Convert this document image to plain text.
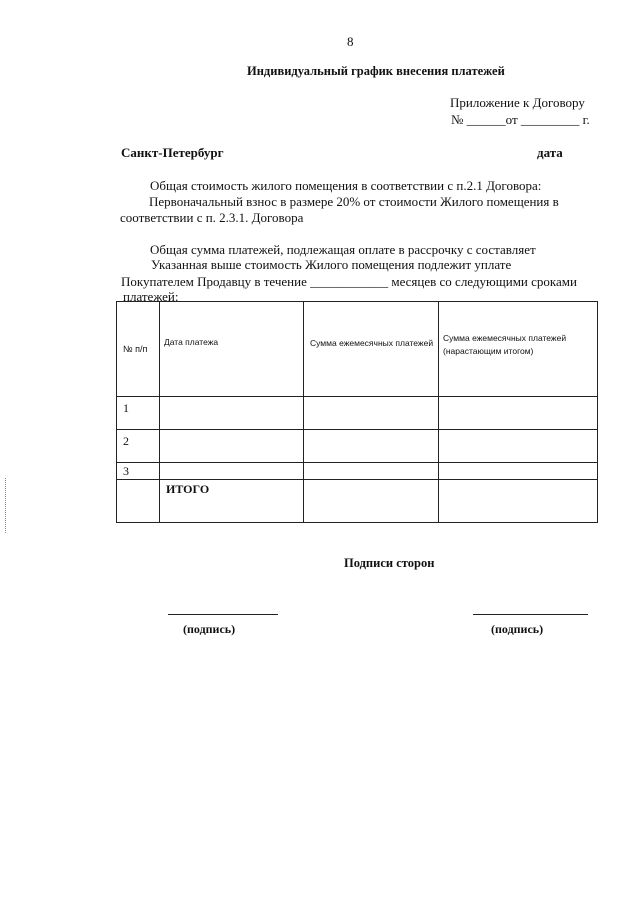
8
Индивидуальный график внесения платежей
Приложение к Договору
№ ______от _________ г.
Санкт-Петербург	дата
Общая стоимость жилого помещения в соответствии с п.2.1 Договора:
Первоначальный взнос в размере 20% от стоимости Жилого помещения в
соответствии с п. 2.3.1. Договора
Общая сумма платежей, подлежащая оплате в рассрочку с составляет
Указанная выше стоимость Жилого помещения подлежит уплате
Покупателем Продавцу в течение ____________ месяцев со следующими сроками
платежей:
№ п/п	Дата платежа	Сумма ежемесячных платежей	Сумма ежемесячных платежей
(нарастающим итогом)

1			
2			
3			
	ИТОГО		
Подписи сторон
(подпись)	(подпись)
